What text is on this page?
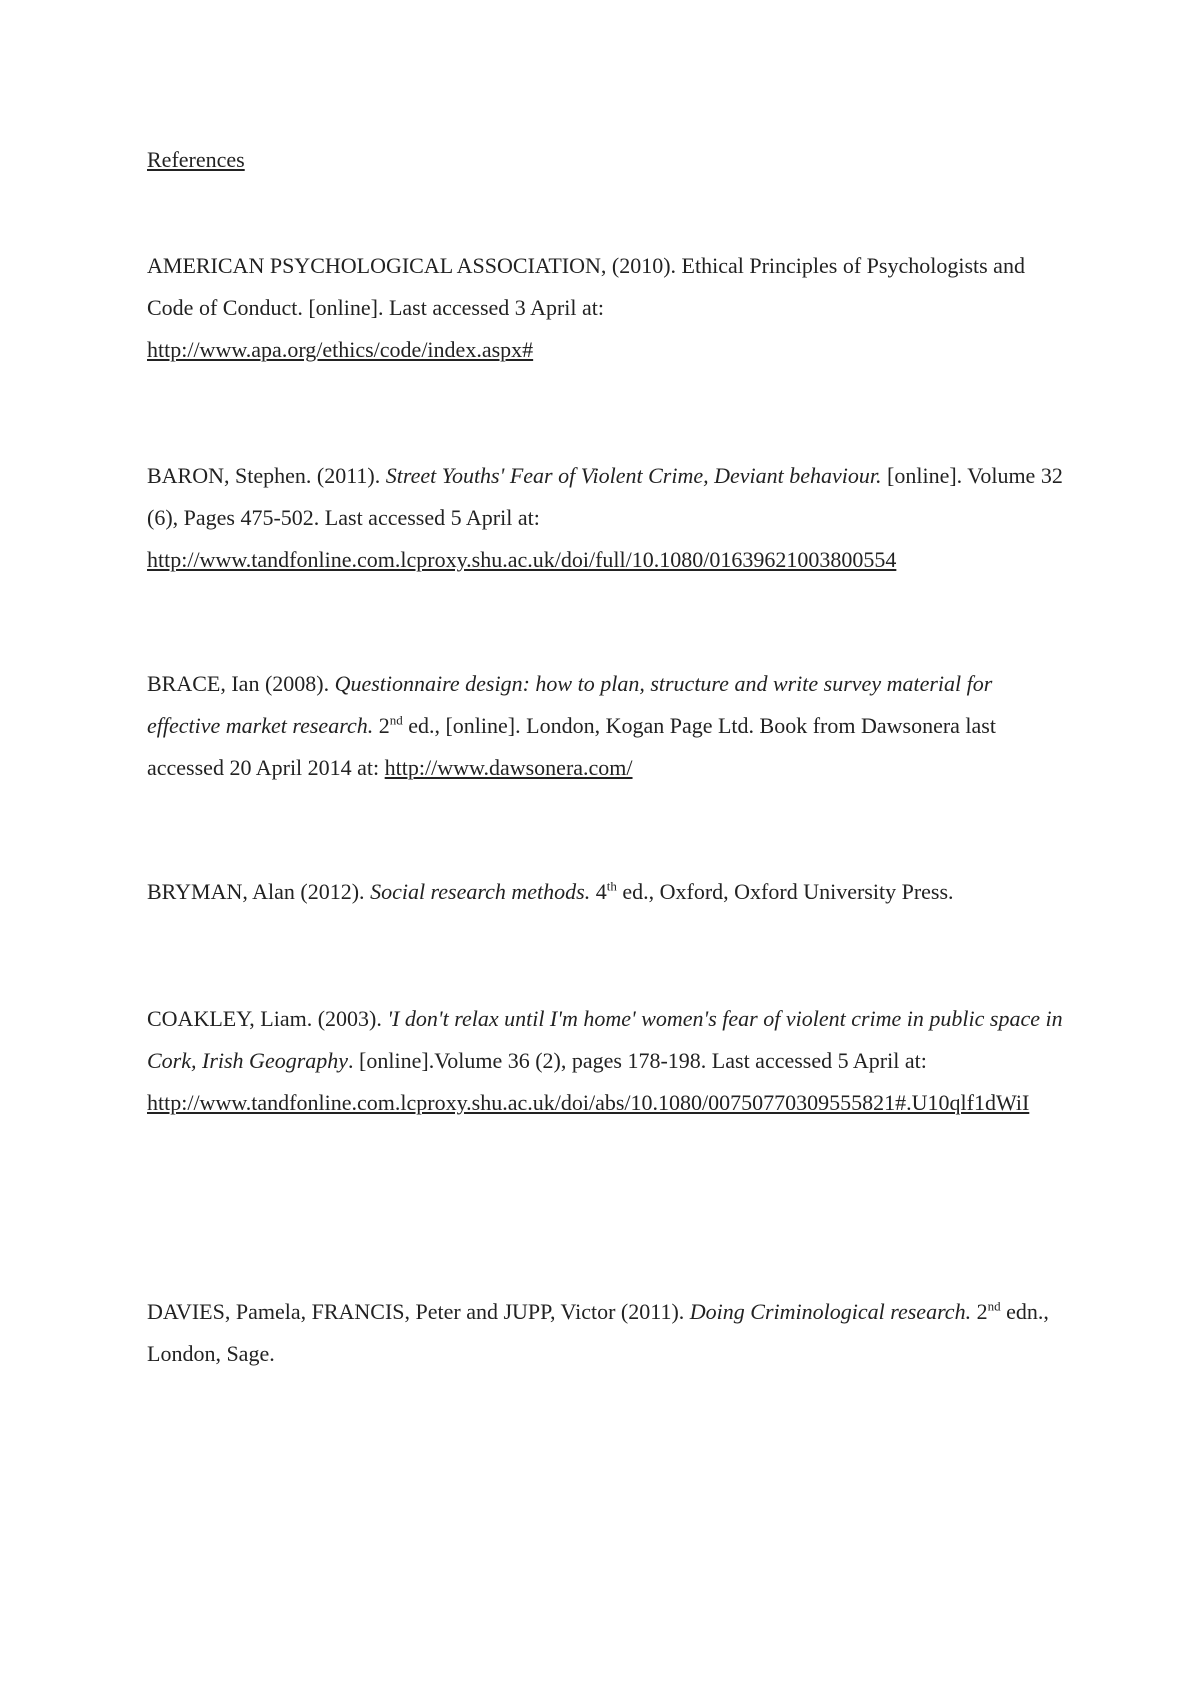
References

AMERICAN PSYCHOLOGICAL ASSOCIATION, (2010). Ethical Principles of Psychologists and Code of Conduct. [online]. Last accessed 3 April at:
http://www.apa.org/ethics/code/index.aspx#

BARON, Stephen. (2011). Street Youths' Fear of Violent Crime, Deviant behaviour. [online]. Volume 32 (6), Pages 475-502. Last accessed 5 April at:
http://www.tandfonline.com.lcproxy.shu.ac.uk/doi/full/10.1080/01639621003800554

BRACE, Ian (2008). Questionnaire design: how to plan, structure and write survey material for effective market research. 2nd ed., [online]. London, Kogan Page Ltd. Book from Dawsonera last accessed 20 April 2014 at: http://www.dawsonera.com/

BRYMAN, Alan (2012). Social research methods. 4th ed., Oxford, Oxford University Press.

COAKLEY, Liam. (2003). 'I don't relax until I'm home' women's fear of violent crime in public space in Cork, Irish Geography. [online].Volume 36 (2), pages 178-198. Last accessed 5 April at:
http://www.tandfonline.com.lcproxy.shu.ac.uk/doi/abs/10.1080/00750770309555821#.U10qlf1dWiI

DAVIES, Pamela, FRANCIS, Peter and JUPP, Victor (2011). Doing Criminological research. 2nd edn., London, Sage.
